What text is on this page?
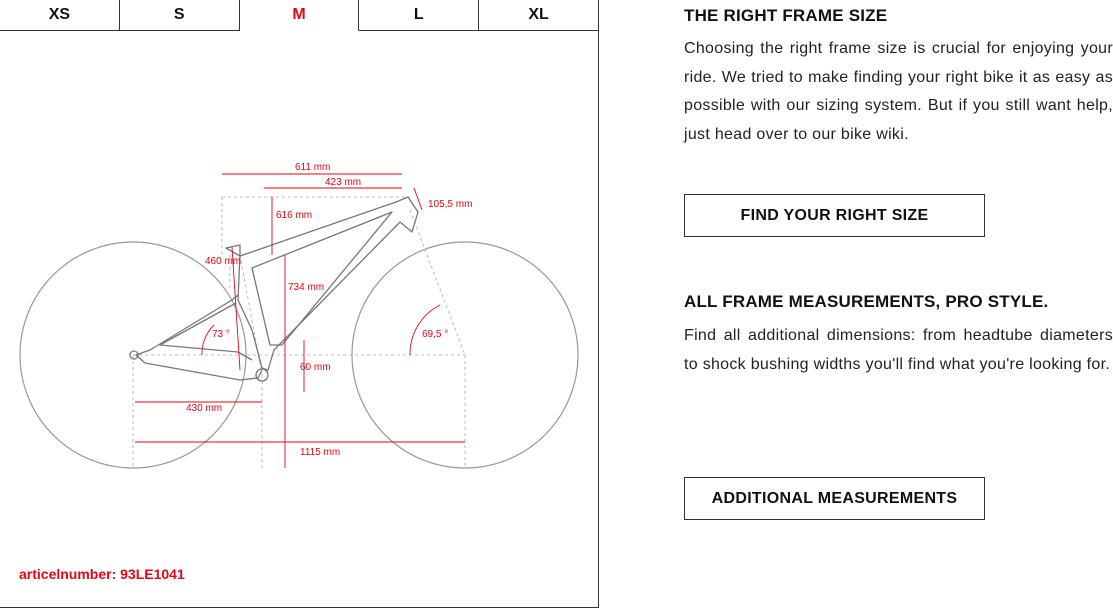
XS	S	M	L	XL
611 mm
423 mm
105,5 mm
616 mm
460 mm
734 mm
73 °	69,5 °
60 mm
430 mm
1115 mm
articelnumber: 93LE1041
THE RIGHT FRAME SIZE

Choosing the right frame size is crucial for enjoying your ride. We tried to make finding your right bike it as easy as possible with our sizing system. But if you still want help, just head over to our bike wiki.

FIND YOUR RIGHT SIZE
ALL FRAME MEASUREMENTS, PRO STYLE.

Find all additional dimensions: from headtube diameters to shock bushing widths you'll find what you're looking for.

ADDITIONAL MEASUREMENTS
